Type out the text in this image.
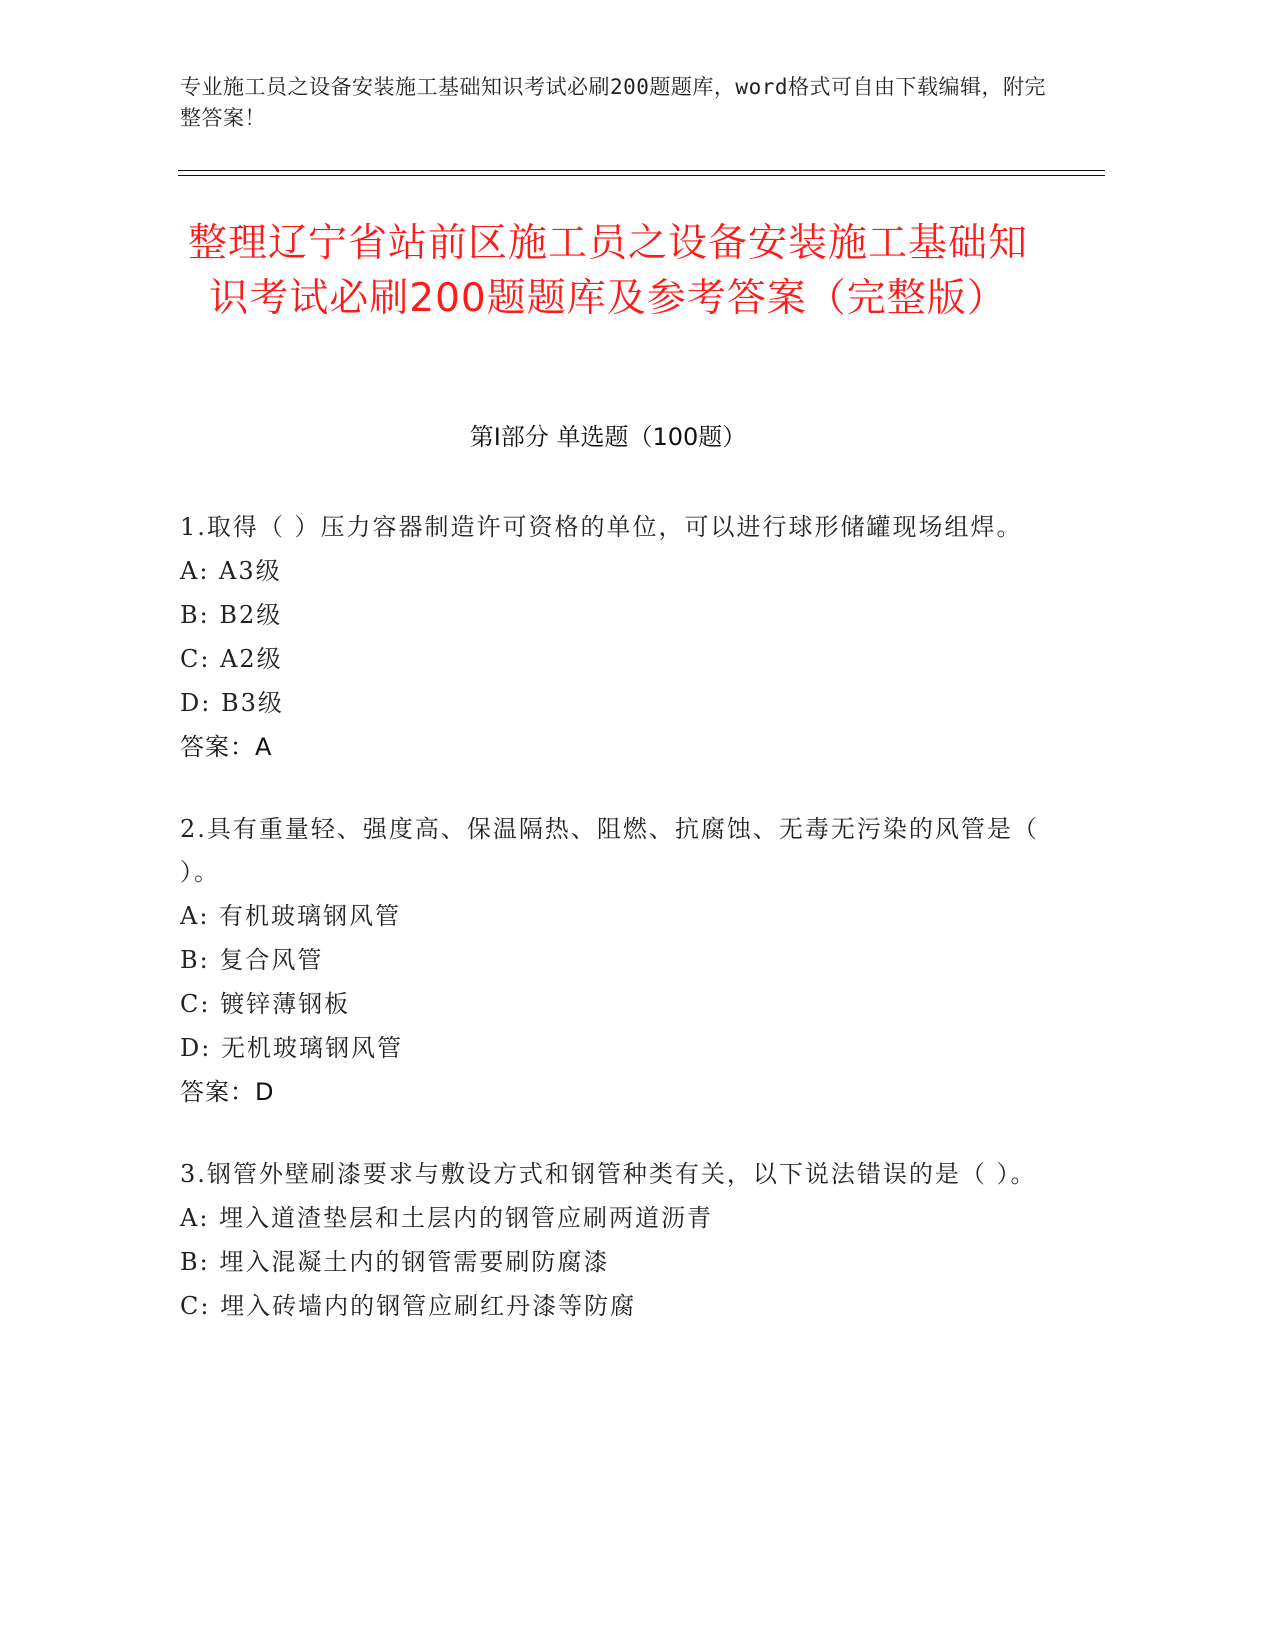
专业施工员之设备安装施工基础知识考试必刷200题题库，word格式可自由下载编辑，附完整答案！
整理辽宁省站前区施工员之设备安装施工基础知识考试必刷200题题库及参考答案（完整版）
第Ⅰ部分 单选题（100题）
1.取得（ ）压力容器制造许可资格的单位，可以进行球形储罐现场组焊。
A: A3级
B: B2级
C: A2级
D: B3级
答案：A
2.具有重量轻、强度高、保温隔热、阻燃、抗腐蚀、无毒无污染的风管是（ ）。
A: 有机玻璃钢风管
B: 复合风管
C: 镀锌薄钢板
D: 无机玻璃钢风管
答案：D
3.钢管外壁刷漆要求与敷设方式和钢管种类有关，以下说法错误的是（ ）。
A: 埋入道渣垫层和土层内的钢管应刷两道沥青
B: 埋入混凝土内的钢管需要刷防腐漆
C: 埋入砖墙内的钢管应刷红丹漆等防腐
